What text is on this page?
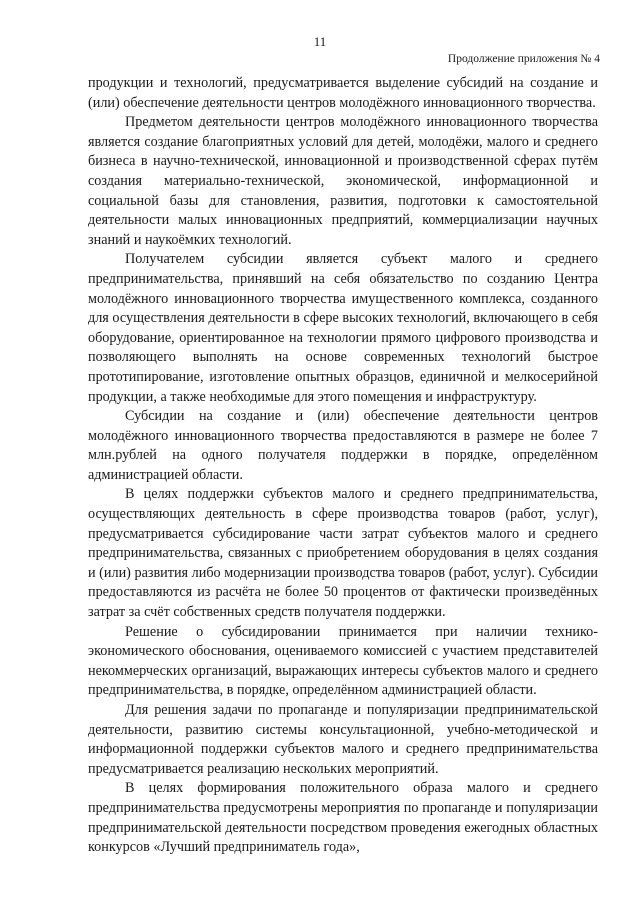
11
Продолжение приложения № 4

продукции и технологий, предусматривается выделение субсидий на создание и (или) обеспечение деятельности центров молодёжного инновационного творчества.

Предметом деятельности центров молодёжного инновационного творчества является создание благоприятных условий для детей, молодёжи, малого и среднего бизнеса в научно-технической, инновационной и производственной сферах путём создания материально-технической, экономической, информационной и социальной базы для становления, развития, подготовки к самостоятельной деятельности малых инновационных предприятий, коммерциализации научных знаний и наукоёмких технологий.

Получателем субсидии является субъект малого и среднего предпринимательства, принявший на себя обязательство по созданию Центра молодёжного инновационного творчества имущественного комплекса, созданного для осуществления деятельности в сфере высоких технологий, включающего в себя оборудование, ориентированное на технологии прямого цифрового производства и позволяющего выполнять на основе современных технологий быстрое прототипирование, изготовление опытных образцов, единичной и мелкосерийной продукции, а также необходимые для этого помещения и инфраструктуру.

Субсидии на создание и (или) обеспечение деятельности центров молодёжного инновационного творчества предоставляются в размере не более 7 млн.рублей на одного получателя поддержки в порядке, определённом администрацией области.

В целях поддержки субъектов малого и среднего предпринимательства, осуществляющих деятельность в сфере производства товаров (работ, услуг), предусматривается субсидирование части затрат субъектов малого и среднего предпринимательства, связанных с приобретением оборудования в целях создания и (или) развития либо модернизации производства товаров (работ, услуг). Субсидии предоставляются из расчёта не более 50 процентов от фактически произведённых затрат за счёт собственных средств получателя поддержки.

Решение о субсидировании принимается при наличии технико-экономического обоснования, оцениваемого комиссией с участием представителей некоммерческих организаций, выражающих интересы субъектов малого и среднего предпринимательства, в порядке, определённом администрацией области.

Для решения задачи по пропаганде и популяризации предпринимательской деятельности, развитию системы консультационной, учебно-методической и информационной поддержки субъектов малого и среднего предпринимательства предусматривается реализацию нескольких мероприятий.

В целях формирования положительного образа малого и среднего предпринимательства предусмотрены мероприятия по пропаганде и популяризации предпринимательской деятельности посредством проведения ежегодных областных конкурсов «Лучший предприниматель года»,
